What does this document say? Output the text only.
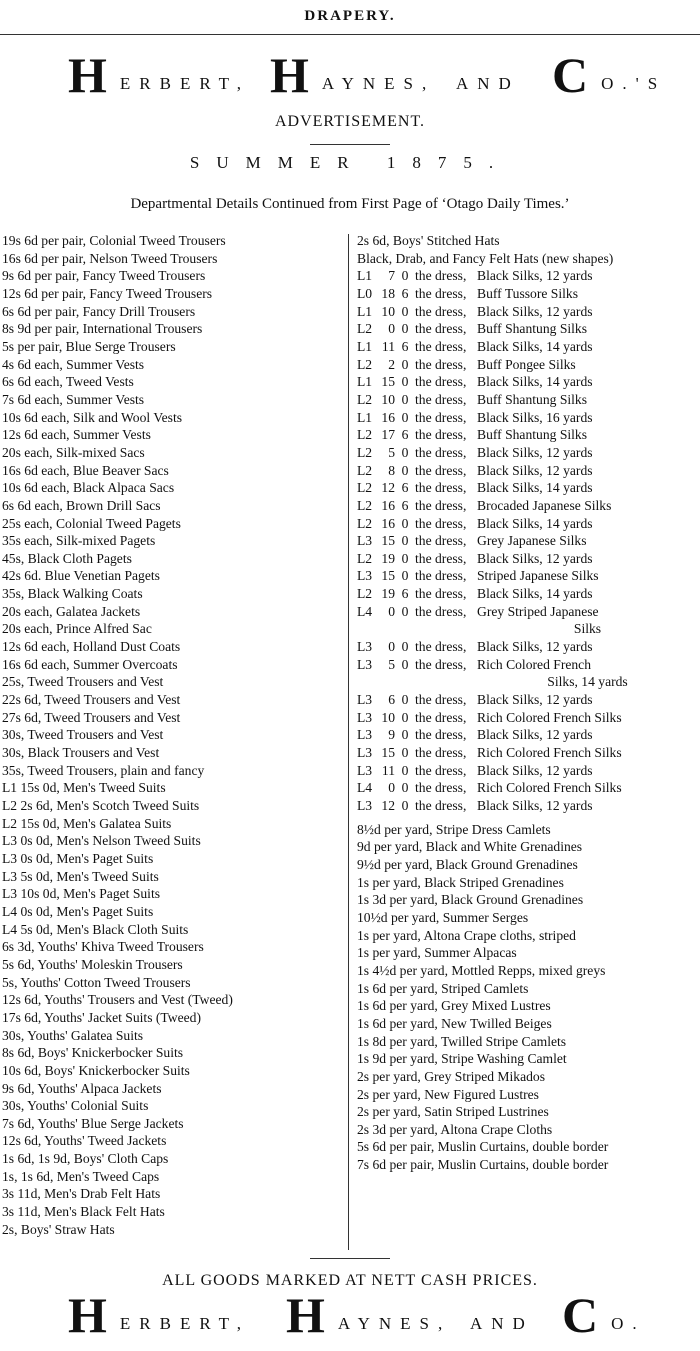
DRAPERY.
H ERBERT, H AYNES, AND C O.'S
ADVERTISEMENT.
SUMMER 1875.
Departmental Details Continued from First Page of ‘Otago Daily Times.’
19s 6d per pair, Colonial Tweed Trousers
16s 6d per pair, Nelson Tweed Trousers
9s 6d per pair, Fancy Tweed Trousers
12s 6d per pair, Fancy Tweed Trousers
6s 6d per pair, Fancy Drill Trousers
8s 9d per pair, International Trousers
5s per pair, Blue Serge Trousers
4s 6d each, Summer Vests
6s 6d each, Tweed Vests
7s 6d each, Summer Vests
10s 6d each, Silk and Wool Vests
12s 6d each, Summer Vests
20s each, Silk-mixed Sacs
16s 6d each, Blue Beaver Sacs
10s 6d each, Black Alpaca Sacs
6s 6d each, Brown Drill Sacs
25s each, Colonial Tweed Pagets
35s each, Silk-mixed Pagets
45s, Black Cloth Pagets
42s 6d. Blue Venetian Pagets
35s, Black Walking Coats
20s each, Galatea Jackets
20s each, Prince Alfred Sac
12s 6d each, Holland Dust Coats
16s 6d each, Summer Overcoats
25s, Tweed Trousers and Vest
22s 6d, Tweed Trousers and Vest
27s 6d, Tweed Trousers and Vest
30s, Tweed Trousers and Vest
30s, Black Trousers and Vest
35s, Tweed Trousers, plain and fancy
L1 15s 0d, Men's Tweed Suits
L2 2s 6d, Men's Scotch Tweed Suits
L2 15s 0d, Men's Galatea Suits
L3 0s 0d, Men's Nelson Tweed Suits
L3 0s 0d, Men's Paget Suits
L3 5s 0d, Men's Tweed Suits
L3 10s 0d, Men's Paget Suits
L4 0s 0d, Men's Paget Suits
L4 5s 0d, Men's Black Cloth Suits
6s 3d, Youths' Khiva Tweed Trousers
5s 6d, Youths' Moleskin Trousers
5s, Youths' Cotton Tweed Trousers
12s 6d, Youths' Trousers and Vest (Tweed)
17s 6d, Youths' Jacket Suits (Tweed)
30s, Youths' Galatea Suits
8s 6d, Boys' Knickerbocker Suits
10s 6d, Boys' Knickerbocker Suits
9s 6d, Youths' Alpaca Jackets
30s, Youths' Colonial Suits
7s 6d, Youths' Blue Serge Jackets
12s 6d, Youths' Tweed Jackets
1s 6d, 1s 9d, Boys' Cloth Caps
1s, 1s 6d, Men's Tweed Caps
3s 11d, Men's Drab Felt Hats
3s 11d, Men's Black Felt Hats
2s, Boys' Straw Hats
2s 6d, Boys' Stitched Hats
Black, Drab, and Fancy Felt Hats (new shapes)
L1	7 0 the dress, Black Silks, 12 yards
L0 18 6 the dress, Buff Tussore Silks
L1 10 0 the dress, Black Silks, 12 yards
L2	0 0 the dress, Buff Shantung Silks
L1 11 6 the dress, Black Silks, 14 yards
L2	2 0 the dress, Buff Pongee Silks
L1 15 0 the dress, Black Silks, 14 yards
L2 10 0 the dress, Buff Shantung Silks
L1 16 0 the dress, Black Silks, 16 yards
L2 17 6 the dress, Buff Shantung Silks
L2	5 0 the dress, Black Silks, 12 yards
L2	8 0 the dress, Black Silks, 12 yards
L2 12 6 the dress, Black Silks, 14 yards
L2 16 6 the dress, Brocaded Japanese Silks
L2 16 0 the dress, Black Silks, 14 yards
L3 15 0 the dress, Grey Japanese Silks
L2 19 0 the dress, Black Silks, 12 yards
L3 15 0 the dress, Striped Japanese Silks
L2 19 6 the dress, Black Silks, 14 yards
L4	0 0 the dress, Grey Striped Japanese
Silks
L3	0 0 the dress, Black Silks, 12 yards
L3	5 0 the dress, Rich Colored French
Silks, 14 yards
L3	6 0 the dress, Black Silks, 12 yards
L3 10 0 the dress, Rich Colored French Silks
L3	9 0 the dress, Black Silks, 12 yards
L3 15 0 the dress, Rich Colored French Silks
L3 11 0 the dress, Black Silks, 12 yards
L4	0 0 the dress, Rich Colored French Silks
L3 12 0 the dress, Black Silks, 12 yards
8½d per yard, Stripe Dress Camlets
9d per yard, Black and White Grenadines
9½d per yard, Black Ground Grenadines
1s per yard, Black Striped Grenadines
1s 3d per yard, Black Ground Grenadines
10½d per yard, Summer Serges
1s per yard, Altona Crape cloths, striped
1s per yard, Summer Alpacas
1s 4½d per yard, Mottled Repps, mixed greys
1s 6d per yard, Striped Camlets
1s 6d per yard, Grey Mixed Lustres
1s 6d per yard, New Twilled Beiges
1s 8d per yard, Twilled Stripe Camlets
1s 9d per yard, Stripe Washing Camlet
2s per yard, Grey Striped Mikados
2s per yard, New Figured Lustres
2s per yard, Satin Striped Lustrines
2s 3d per yard, Altona Crape Cloths
5s 6d per pair, Muslin Curtains, double border
7s 6d per pair, Muslin Curtains, double border
ALL GOODS MARKED AT NETT CASH PRICES.
H ERBERT, H AYNES, AND C O.
